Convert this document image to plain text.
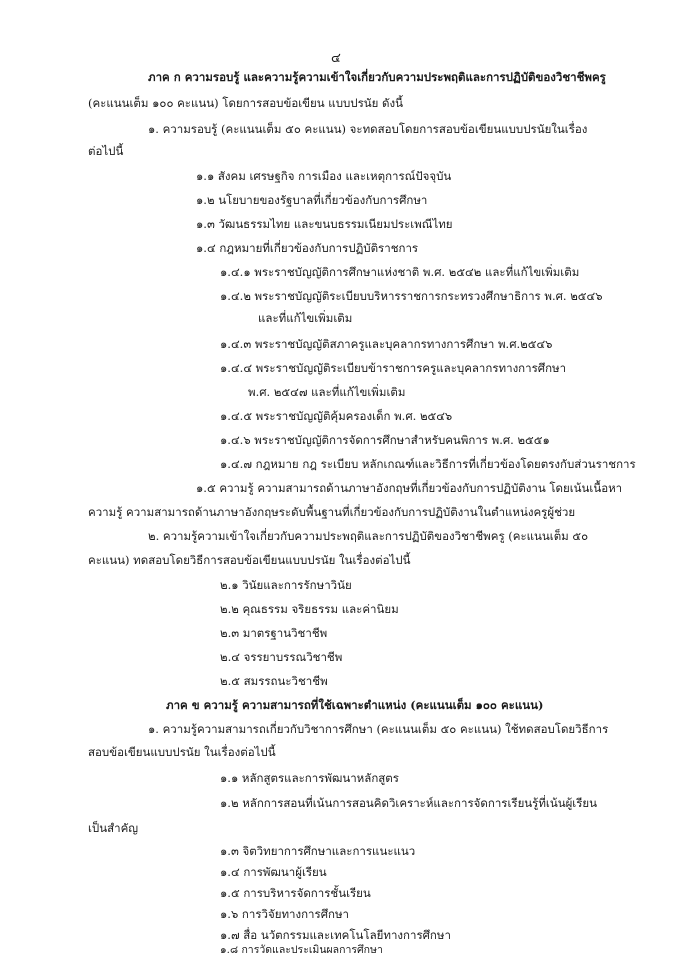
๔
ภาค ก ความรอบรู้ และความรู้ความเข้าใจเกี่ยวกับความประพฤติและการปฏิบัติของวิชาชีพครู
(คะแนนเต็ม ๑๐๐ คะแนน) โดยการสอบข้อเขียน แบบปรนัย ดังนี้
๑. ความรอบรู้ (คะแนนเต็ม ๕๐ คะแนน) จะทดสอบโดยการสอบข้อเขียนแบบปรนัยในเรื่อง
ต่อไปนี้
๑.๑ สังคม เศรษฐกิจ การเมือง และเหตุการณ์ปัจจุบัน
๑.๒ นโยบายของรัฐบาลที่เกี่ยวข้องกับการศึกษา
๑.๓ วัฒนธรรมไทย และขนบธรรมเนียมประเพณีไทย
๑.๔ กฎหมายที่เกี่ยวข้องกับการปฏิบัติราชการ
๑.๔.๑ พระราชบัญญัติการศึกษาแห่งชาติ พ.ศ. ๒๕๔๒ และที่แก้ไขเพิ่มเติม
๑.๔.๒ พระราชบัญญัติระเบียบบริหารราชการกระทรวงศึกษาธิการ พ.ศ. ๒๕๔๖
และที่แก้ไขเพิ่มเติม
๑.๔.๓ พระราชบัญญัติสภาครูและบุคลากรทางการศึกษา พ.ศ.๒๕๔๖
๑.๔.๔ พระราชบัญญัติระเบียบข้าราชการครูและบุคลากรทางการศึกษา
พ.ศ. ๒๕๔๗ และที่แก้ไขเพิ่มเติม
๑.๔.๕ พระราชบัญญัติคุ้มครองเด็ก พ.ศ. ๒๕๔๖
๑.๔.๖ พระราชบัญญัติการจัดการศึกษาสำหรับคนพิการ พ.ศ. ๒๕๕๑
๑.๔.๗ กฎหมาย กฎ ระเบียบ หลักเกณฑ์และวิธีการที่เกี่ยวข้องโดยตรงกับส่วนราชการ
๑.๕ ความรู้ ความสามารถด้านภาษาอังกฤษที่เกี่ยวข้องกับการปฏิบัติงาน โดยเน้นเนื้อหา
ความรู้ ความสามารถด้านภาษาอังกฤษระดับพื้นฐานที่เกี่ยวข้องกับการปฏิบัติงานในตำแหน่งครูผู้ช่วย
๒. ความรู้ความเข้าใจเกี่ยวกับความประพฤติและการปฏิบัติของวิชาชีพครู (คะแนนเต็ม ๕๐
คะแนน) ทดสอบโดยวิธีการสอบข้อเขียนแบบปรนัย ในเรื่องต่อไปนี้
๒.๑ วินัยและการรักษาวินัย
๒.๒ คุณธรรม จริยธรรม และค่านิยม
๒.๓ มาตรฐานวิชาชีพ
๒.๔ จรรยาบรรณวิชาชีพ
๒.๕ สมรรถนะวิชาชีพ
ภาค ข ความรู้ ความสามารถที่ใช้เฉพาะตำแหน่ง (คะแนนเต็ม ๑๐๐ คะแนน)
๑. ความรู้ความสามารถเกี่ยวกับวิชาการศึกษา (คะแนนเต็ม ๕๐ คะแนน) ใช้ทดสอบโดยวิธีการ
สอบข้อเขียนแบบปรนัย ในเรื่องต่อไปนี้
๑.๑ หลักสูตรและการพัฒนาหลักสูตร
๑.๒ หลักการสอนที่เน้นการสอนคิดวิเคราะห์และการจัดการเรียนรู้ที่เน้นผู้เรียน
เป็นสำคัญ
๑.๓ จิตวิทยาการศึกษาและการแนะแนว
๑.๔ การพัฒนาผู้เรียน
๑.๕ การบริหารจัดการชั้นเรียน
๑.๖ การวิจัยทางการศึกษา
๑.๗ สื่อ นวัตกรรมและเทคโนโลยีทางการศึกษา
๑.๘ การวัดและประเมินผลการศึกษา
